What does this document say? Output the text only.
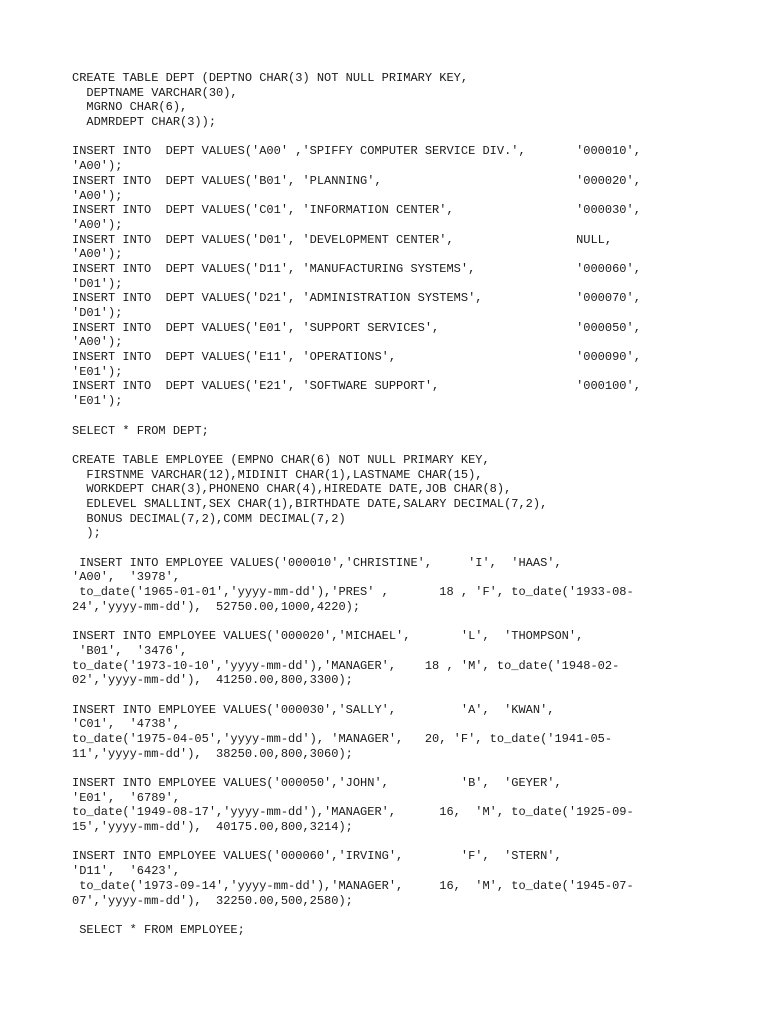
CREATE TABLE DEPT (DEPTNO CHAR(3) NOT NULL PRIMARY KEY,
DEPTNAME VARCHAR(30),
MGRNO CHAR(6),
ADMRDEPT CHAR(3));
INSERT INTO  DEPT VALUES('A00' ,'SPIFFY COMPUTER SERVICE DIV.',       '000010',
'A00');
INSERT INTO  DEPT VALUES('B01', 'PLANNING',                           '000020',
'A00');
INSERT INTO  DEPT VALUES('C01', 'INFORMATION CENTER',                 '000030',
'A00');
INSERT INTO  DEPT VALUES('D01', 'DEVELOPMENT CENTER',                 NULL,
'A00');
INSERT INTO  DEPT VALUES('D11', 'MANUFACTURING SYSTEMS',              '000060',
'D01');
INSERT INTO  DEPT VALUES('D21', 'ADMINISTRATION SYSTEMS',             '000070',
'D01');
INSERT INTO  DEPT VALUES('E01', 'SUPPORT SERVICES',                   '000050',
'A00');
INSERT INTO  DEPT VALUES('E11', 'OPERATIONS',                         '000090',
'E01');
INSERT INTO  DEPT VALUES('E21', 'SOFTWARE SUPPORT',                   '000100',
'E01');
SELECT * FROM DEPT;
CREATE TABLE EMPLOYEE (EMPNO CHAR(6) NOT NULL PRIMARY KEY,
FIRSTNME VARCHAR(12),MIDINIT CHAR(1),LASTNAME CHAR(15),
WORKDEPT CHAR(3),PHONENO CHAR(4),HIREDATE DATE,JOB CHAR(8),
EDLEVEL SMALLINT,SEX CHAR(1),BIRTHDATE DATE,SALARY DECIMAL(7,2),
BONUS DECIMAL(7,2),COMM DECIMAL(7,2)
);
INSERT INTO EMPLOYEE VALUES('000010','CHRISTINE',     'I',  'HAAS',
'A00',  '3978',
to_date('1965-01-01','yyyy-mm-dd'),'PRES' ,       18 , 'F', to_date('1933-08-
24','yyyy-mm-dd'),  52750.00,1000,4220);
INSERT INTO EMPLOYEE VALUES('000020','MICHAEL',       'L',  'THOMPSON',
'B01',  '3476',
to_date('1973-10-10','yyyy-mm-dd'),'MANAGER',    18 , 'M', to_date('1948-02-
02','yyyy-mm-dd'),  41250.00,800,3300);
INSERT INTO EMPLOYEE VALUES('000030','SALLY',         'A',  'KWAN',
'C01',  '4738',
to_date('1975-04-05','yyyy-mm-dd'), 'MANAGER',   20, 'F', to_date('1941-05-
11','yyyy-mm-dd'),  38250.00,800,3060);
INSERT INTO EMPLOYEE VALUES('000050','JOHN',          'B',  'GEYER',
'E01',  '6789',
to_date('1949-08-17','yyyy-mm-dd'),'MANAGER',      16,  'M', to_date('1925-09-
15','yyyy-mm-dd'),  40175.00,800,3214);
INSERT INTO EMPLOYEE VALUES('000060','IRVING',        'F',  'STERN',
'D11',  '6423',
to_date('1973-09-14','yyyy-mm-dd'),'MANAGER',     16,  'M', to_date('1945-07-
07','yyyy-mm-dd'),  32250.00,500,2580);
SELECT * FROM EMPLOYEE;
